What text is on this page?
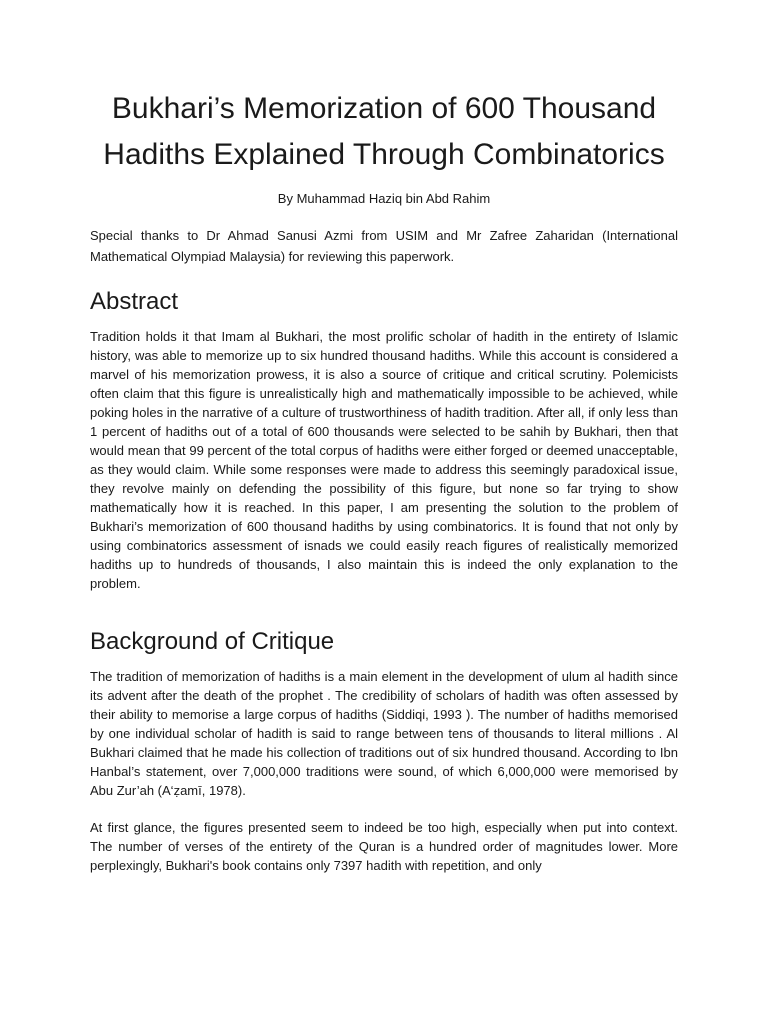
Bukhari’s Memorization of 600 Thousand Hadiths Explained Through Combinatorics
By Muhammad Haziq bin Abd Rahim
Special thanks to Dr Ahmad Sanusi Azmi from USIM and Mr Zafree Zaharidan (International Mathematical Olympiad Malaysia) for reviewing this paperwork.
Abstract

Tradition holds it that Imam al Bukhari, the most prolific scholar of hadith in the entirety of Islamic history, was able to memorize up to six hundred thousand hadiths. While this account is considered a marvel of his memorization prowess, it is also a source of critique and critical scrutiny. Polemicists often claim that this figure is unrealistically high and mathematically impossible to be achieved, while poking holes in the narrative of a culture of trustworthiness of hadith tradition. After all, if only less than 1 percent of hadiths out of a total of 600 thousands were selected to be sahih by Bukhari, then that would mean that 99 percent of the total corpus of hadiths were either forged or deemed unacceptable, as they would claim. While some responses were made to address this seemingly paradoxical issue, they revolve mainly on defending the possibility of this figure, but none so far trying to show mathematically how it is reached. In this paper, I am presenting the solution to the problem of Bukhari’s memorization of 600 thousand hadiths by using combinatorics. It is found that not only by using combinatorics assessment of isnads we could easily reach figures of realistically memorized hadiths up to hundreds of thousands, I also maintain this is indeed the only explanation to the problem.

Background of Critique

The tradition of memorization of hadiths is a main element in the development of ulum al hadith since its advent after the death of the prophet . The credibility of scholars of hadith was often assessed by their ability to memorise a large corpus of hadiths (Siddiqi, 1993 ). The number of hadiths memorised by one individual scholar of hadith is said to range between tens of thousands to literal millions . Al Bukhari claimed that he made his collection of traditions out of six hundred thousand. According to Ibn Hanbal’s statement, over 7,000,000 traditions were sound, of which 6,000,000 were memorised by Abu Zur’ah (A‘ẓamī, 1978).

At first glance, the figures presented seem to indeed be too high, especially when put into context. The number of verses of the entirety of the Quran is a hundred order of magnitudes lower. More perplexingly, Bukhari's book contains only 7397 hadith with repetition, and only
